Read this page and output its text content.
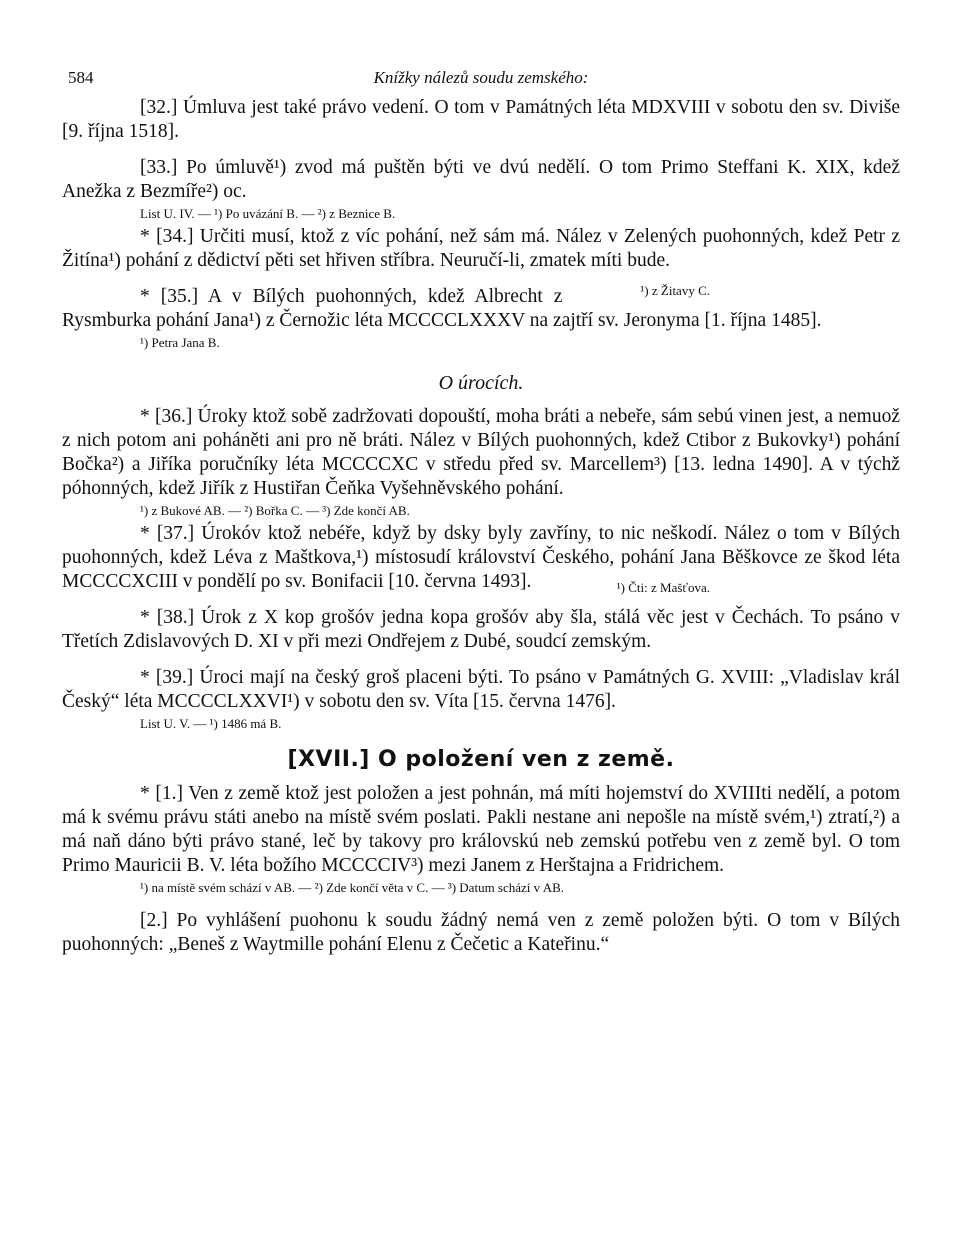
584	Knížky nálezů soudu zemského:

[32.] Úmluva jest také právo vedení. O tom v Památných léta MDXVIII v sobotu den sv. Diviše [9. října 1518].

[33.] Po úmluvě¹) zvod má puštěn býti ve dvú nedělí. O tom Primo Steffani K. XIX, kdež Anežka z Bezmíře²) oc.

List U. IV. — ¹) Po uvázání B. — ²) z Beznice B.

* [34.] Určiti musí, ktož z víc pohání, než sám má. Nález v Zelených puohonných, kdež Petr z Žitína¹) pohání z dědictví pěti set hřiven stříbra. Neuručí-li, zmatek míti bude.
¹) z Žitavy C.

* [35.] A v Bílých puohonných, kdež Albrecht z Rysmburka pohání Jana¹) z Černožic léta MCCCCLXXXV na zajtří sv. Jeronyma [1. října 1485].

¹) Petra Jana B.
O úrocích.

* [36.] Úroky ktož sobě zadržovati dopouští, moha bráti a nebeře, sám sebú vinen jest, a nemuož z nich potom ani poháněti ani pro ně bráti. Nález v Bílých puohonných, kdež Ctibor z Bukovky¹) pohání Bočka²) a Jiříka poručníky léta MCCCCXC v středu před sv. Marcellem³) [13. ledna 1490]. A v týchž póhonných, kdež Jiřík z Hustiřan Čeňka Vyšehněvského pohání.

¹) z Bukové AB. — ²) Bořka C. — ³) Zde končí AB.

* [37.] Úrokóv ktož nebéře, když by dsky byly zavříny, to nic neškodí. Nález o tom v Bílých puohonných, kdež Léva z Maštkova,¹) místosudí království Českého, pohání Jana Běškovce ze škod léta MCCCCXCIII v pondělí po sv. Bonifacii [10. června 1493].	¹) Čti: z Mašťova.

* [38.] Úrok z X kop grošóv jedna kopa grošóv aby šla, stálá věc jest v Čechách. To psáno v Třetích Zdislavových D. XI v při mezi Ondřejem z Dubé, soudcí zemským.

* [39.] Úroci mají na český groš placeni býti. To psáno v Památných G. XVIII: „Vladislav král Český“ léta MCCCCLXXVI¹) v sobotu den sv. Víta [15. června 1476].

List U. V. — ¹) 1486 má B.
[XVII.] O položení ven z země.

* [1.] Ven z země ktož jest položen a jest pohnán, má míti hojemství do XVIIIti nedělí, a potom má k svému právu státi anebo na místě svém poslati. Pakli nestane ani nepošle na místě svém,¹) ztratí,²) a má naň dáno býti právo stané, leč by takovy pro královskú neb zemskú potřebu ven z země byl. O tom Primo Mauricii B. V. léta božího MCCCCIV³) mezi Janem z Herštajna a Fridrichem.

¹) na místě svém schází v AB. — ²) Zde končí věta v C. — ³) Datum schází v AB.

[2.] Po vyhlášení puohonu k soudu žádný nemá ven z země položen býti. O tom v Bílých puohonných: „Beneš z Waytmille pohání Elenu z Čečetic a Kateřinu.“
